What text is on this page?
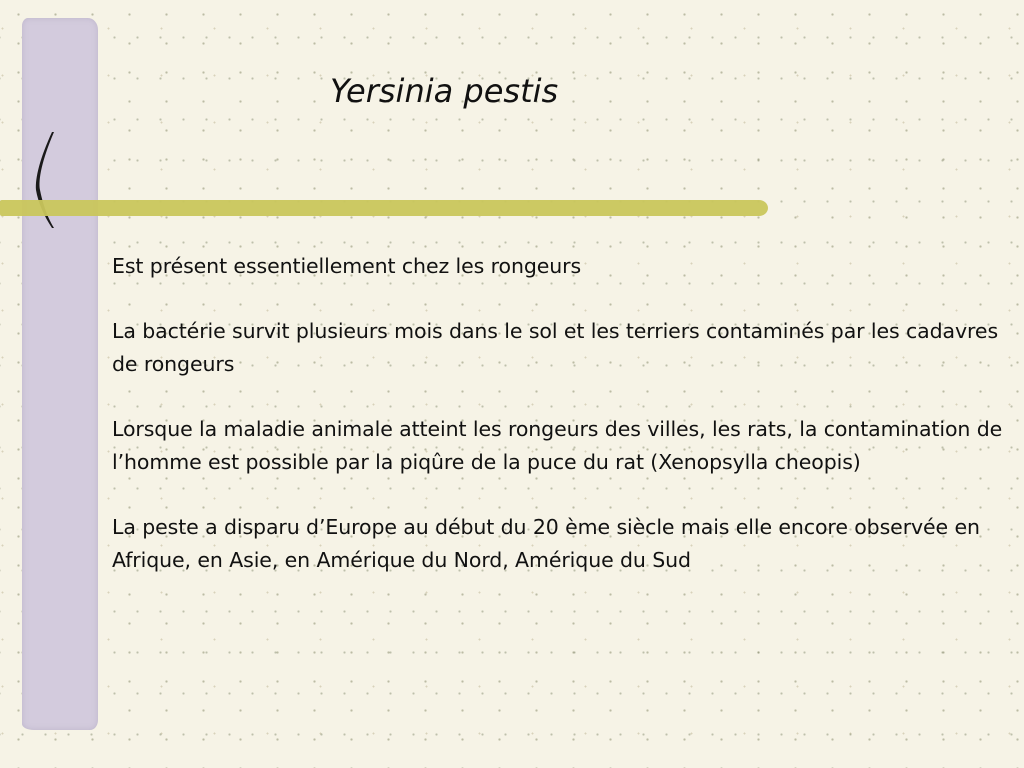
Yersinia pestis

Est présent essentiellement chez les rongeurs

La bactérie survit plusieurs mois dans le sol et les terriers contaminés par les cadavres de rongeurs

Lorsque la maladie animale atteint les rongeurs des villes, les rats, la contamination de l’homme est possible par la piqûre de la puce du rat (Xenopsylla cheopis)

La peste a disparu d’Europe au début du 20 ème siècle mais elle encore observée en Afrique, en Asie, en Amérique du Nord, Amérique du Sud
